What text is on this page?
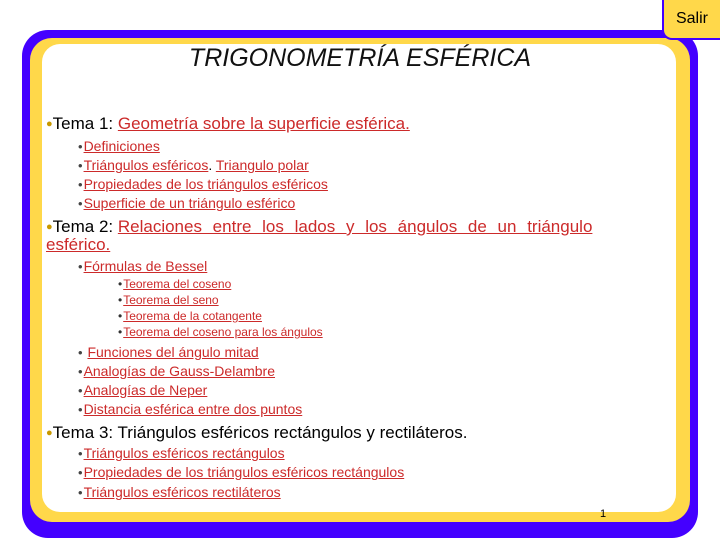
Salir
TRIGONOMETRÍA ESFÉRICA
●Tema 1: Geometría sobre la superficie esférica.
•Definiciones
•Triángulos esféricos. Triangulo polar
•Propiedades de los triángulos esféricos
•Superficie de un triángulo esférico
●Tema 2: Relaciones entre los lados y los ángulos de un triángulo
esférico.
•Fórmulas de Bessel
•Teorema del coseno
•Teorema del seno
•Teorema de la cotangente
•Teorema del coseno para los ángulos
• Funciones del ángulo mitad
•Analogías de Gauss-Delambre
•Analogías de Neper
•Distancia esférica entre dos puntos
●Tema 3: Triángulos esféricos rectángulos y rectiláteros.
•Triángulos esféricos rectángulos
•Propiedades de los triángulos esféricos rectángulos
•Triángulos esféricos rectiláteros
1
